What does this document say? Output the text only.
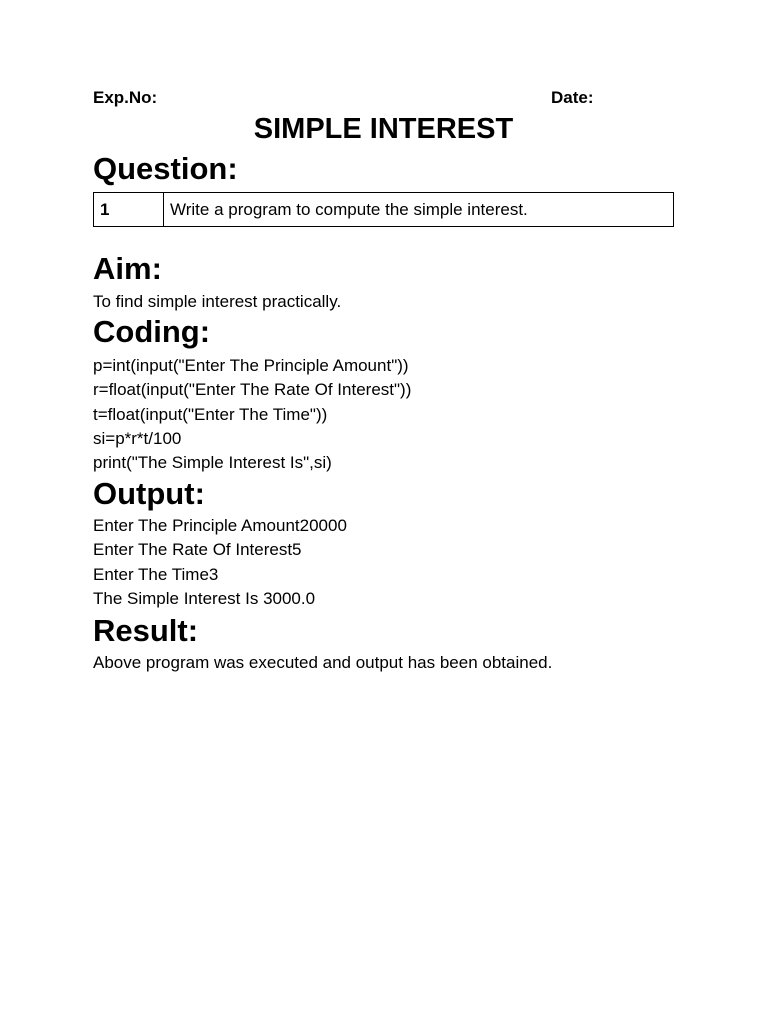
Exp.No:	Date:
SIMPLE INTEREST
Question:
1	Write a program to compute the simple interest.
Aim:

To find simple interest practically.

Coding:
p=int(input("Enter The Principle Amount"))
r=float(input("Enter The Rate Of Interest"))
t=float(input("Enter The Time"))
si=p*r*t/100
print("The Simple Interest Is",si)
Output:
Enter The Principle Amount20000
Enter The Rate Of Interest5
Enter The Time3
The Simple Interest Is 3000.0
Result:

Above program was executed and output has been obtained.
